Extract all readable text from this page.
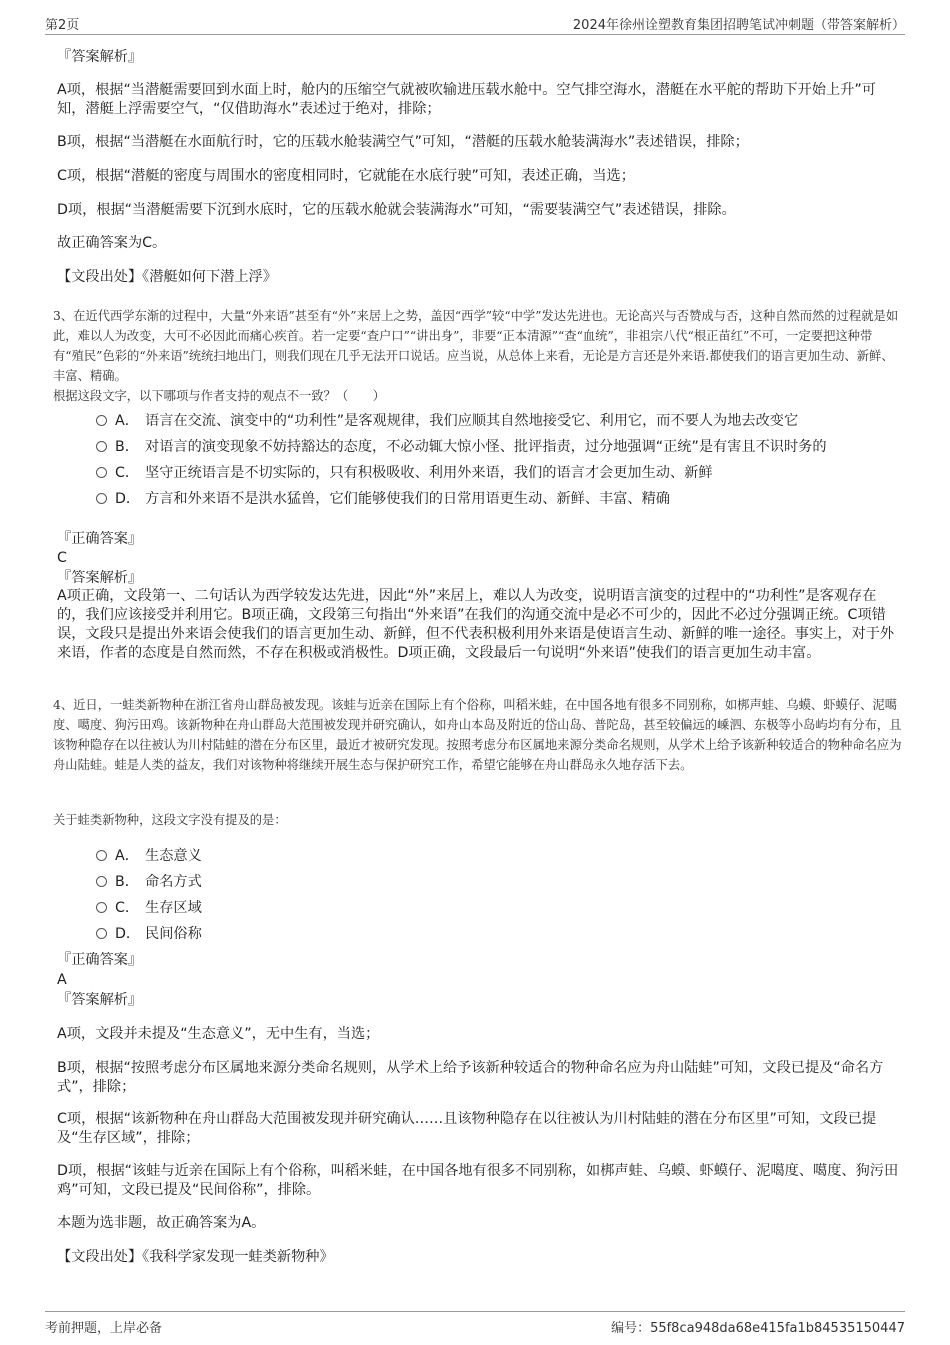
第2页	2024年徐州诠塑教育集团招聘笔试冲刺题（带答案解析）
『答案解析』
A项，根据“当潜艇需要回到水面上时，舱内的压缩空气就被吹输进压载水舱中。空气排空海水，潜艇在水平舵的帮助下开始上升”可知，潜艇上浮需要空气，“仅借助海水”表述过于绝对，排除；
B项，根据“当潜艇在水面航行时，它的压载水舱装满空气”可知，“潜艇的压载水舱装满海水”表述错误，排除；
C项，根据“潜艇的密度与周围水的密度相同时，它就能在水底行驶”可知，表述正确，当选；
D项，根据“当潜艇需要下沉到水底时，它的压载水舱就会装满海水”可知，“需要装满空气”表述错误，排除。
故正确答案为C。
【文段出处】《潜艇如何下潜上浮》
3、在近代西学东渐的过程中，大量“外来语”甚至有“外”来居上之势，盖因“西学”较“中学”发达先进也。无论高兴与否赞成与否，这种自然而然的过程就是如此，难以人为改变，大可不必因此而痛心疾首。若一定要“查户口”“讲出身”，非要“正本清源”“查“血统”，非祖宗八代“根正苗红”不可，一定要把这种带有“殖民”色彩的“外来语”统统扫地出门，则我们现在几乎无法开口说话。应当说，从总体上来看，无论是方言还是外来语.都使我们的语言更加生动、新鲜、丰富、精确。
根据这段文字，以下哪项与作者支持的观点不一致？（　　）
A． 语言在交流、演变中的“功利性”是客观规律，我们应顺其自然地接受它、利用它，而不要人为地去改变它
B． 对语言的演变现象不妨持豁达的态度，不必动辄大惊小怪、批评指责，过分地强调“正统”是有害且不识时务的
C． 坚守正统语言是不切实际的，只有积极吸收、利用外来语，我们的语言才会更加生动、新鲜
D． 方言和外来语不是洪水猛兽，它们能够使我们的日常用语更生动、新鲜、丰富、精确
『正确答案』
C
『答案解析』
A项正确，文段第一、二句话认为西学较发达先进，因此“外”来居上，难以人为改变，说明语言演变的过程中的“功利性”是客观存在的，我们应该接受并利用它。B项正确，文段第三句指出“外来语”在我们的沟通交流中是必不可少的，因此不必过分强调正统。C项错误，文段只是提出外来语会使我们的语言更加生动、新鲜，但不代表积极利用外来语是使语言生动、新鲜的唯一途径。事实上，对于外来语，作者的态度是自然而然，不存在积极或消极性。D项正确，文段最后一句说明“外来语”使我们的语言更加生动丰富。
4、近日，一蛙类新物种在浙江省舟山群岛被发现。该蛙与近亲在国际上有个俗称，叫稻米蛙，在中国各地有很多不同别称，如梆声蛙、乌蟆、虾蟆仔、泥噶度、噶度、狗污田鸡。该新物种在舟山群岛大范围被发现并研究确认，如舟山本岛及附近的岱山岛、普陀岛，甚至较偏远的嵊泗、东极等小岛屿均有分布，且该物种隐存在以往被认为川村陆蛙的潜在分布区里，最近才被研究发现。按照考虑分布区属地来源分类命名规则，从学术上给予该新种较适合的物种命名应为舟山陆蛙。蛙是人类的益友，我们对该物种将继续开展生态与保护研究工作，希望它能够在舟山群岛永久地存活下去。
关于蛙类新物种，这段文字没有提及的是：
A． 生态意义
B． 命名方式
C． 生存区域
D． 民间俗称
『正确答案』
A
『答案解析』
A项，文段并未提及“生态意义”，无中生有，当选；
B项，根据“按照考虑分布区属地来源分类命名规则，从学术上给予该新种较适合的物种命名应为舟山陆蛙”可知，文段已提及“命名方式”，排除；
C项，根据“该新物种在舟山群岛大范围被发现并研究确认……且该物种隐存在以往被认为川村陆蛙的潜在分布区里”可知，文段已提及“生存区域”，排除；
D项，根据“该蛙与近亲在国际上有个俗称，叫稻米蛙，在中国各地有很多不同别称，如梆声蛙、乌蟆、虾蟆仔、泥噶度、噶度、狗污田鸡”可知，文段已提及“民间俗称”，排除。
本题为选非题，故正确答案为A。
【文段出处】《我科学家发现一蛙类新物种》
考前押题，上岸必备	编号：55f8ca948da68e415fa1b84535150447
